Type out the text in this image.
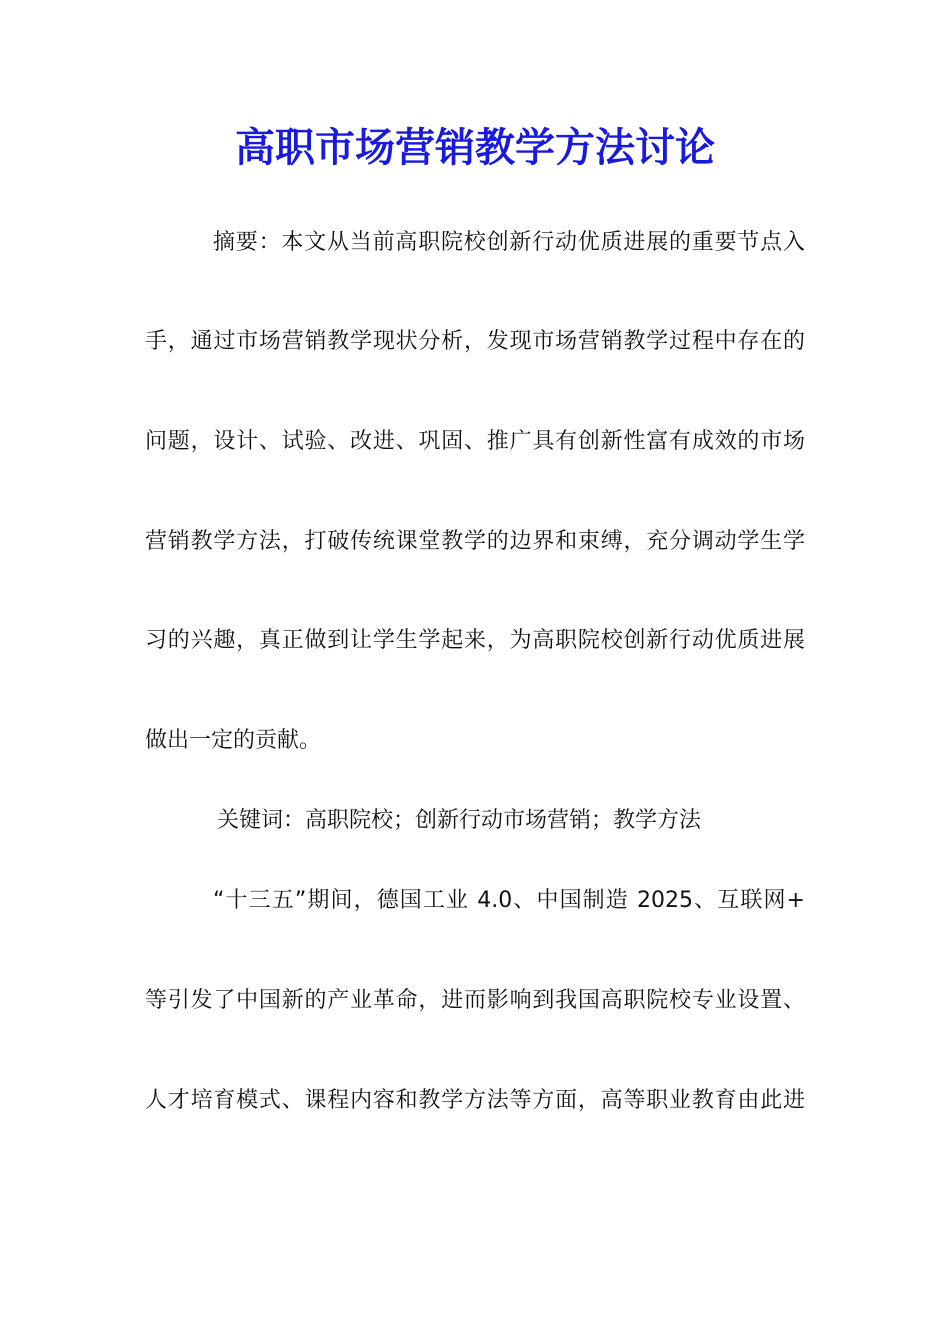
高职市场营销教学方法讨论
摘要：本文从当前高职院校创新行动优质进展的重要节点入
手，通过市场营销教学现状分析，发现市场营销教学过程中存在的
问题，设计、试验、改进、巩固、推广具有创新性富有成效的市场
营销教学方法，打破传统课堂教学的边界和束缚，充分调动学生学
习的兴趣，真正做到让学生学起来，为高职院校创新行动优质进展
做出一定的贡献。
关键词：高职院校；创新行动市场营销；教学方法
“十三五”期间，德国工业 4.0、中国制造 2025、互联网+
等引发了中国新的产业革命，进而影响到我国高职院校专业设置、
人才培育模式、课程内容和教学方法等方面，高等职业教育由此进
